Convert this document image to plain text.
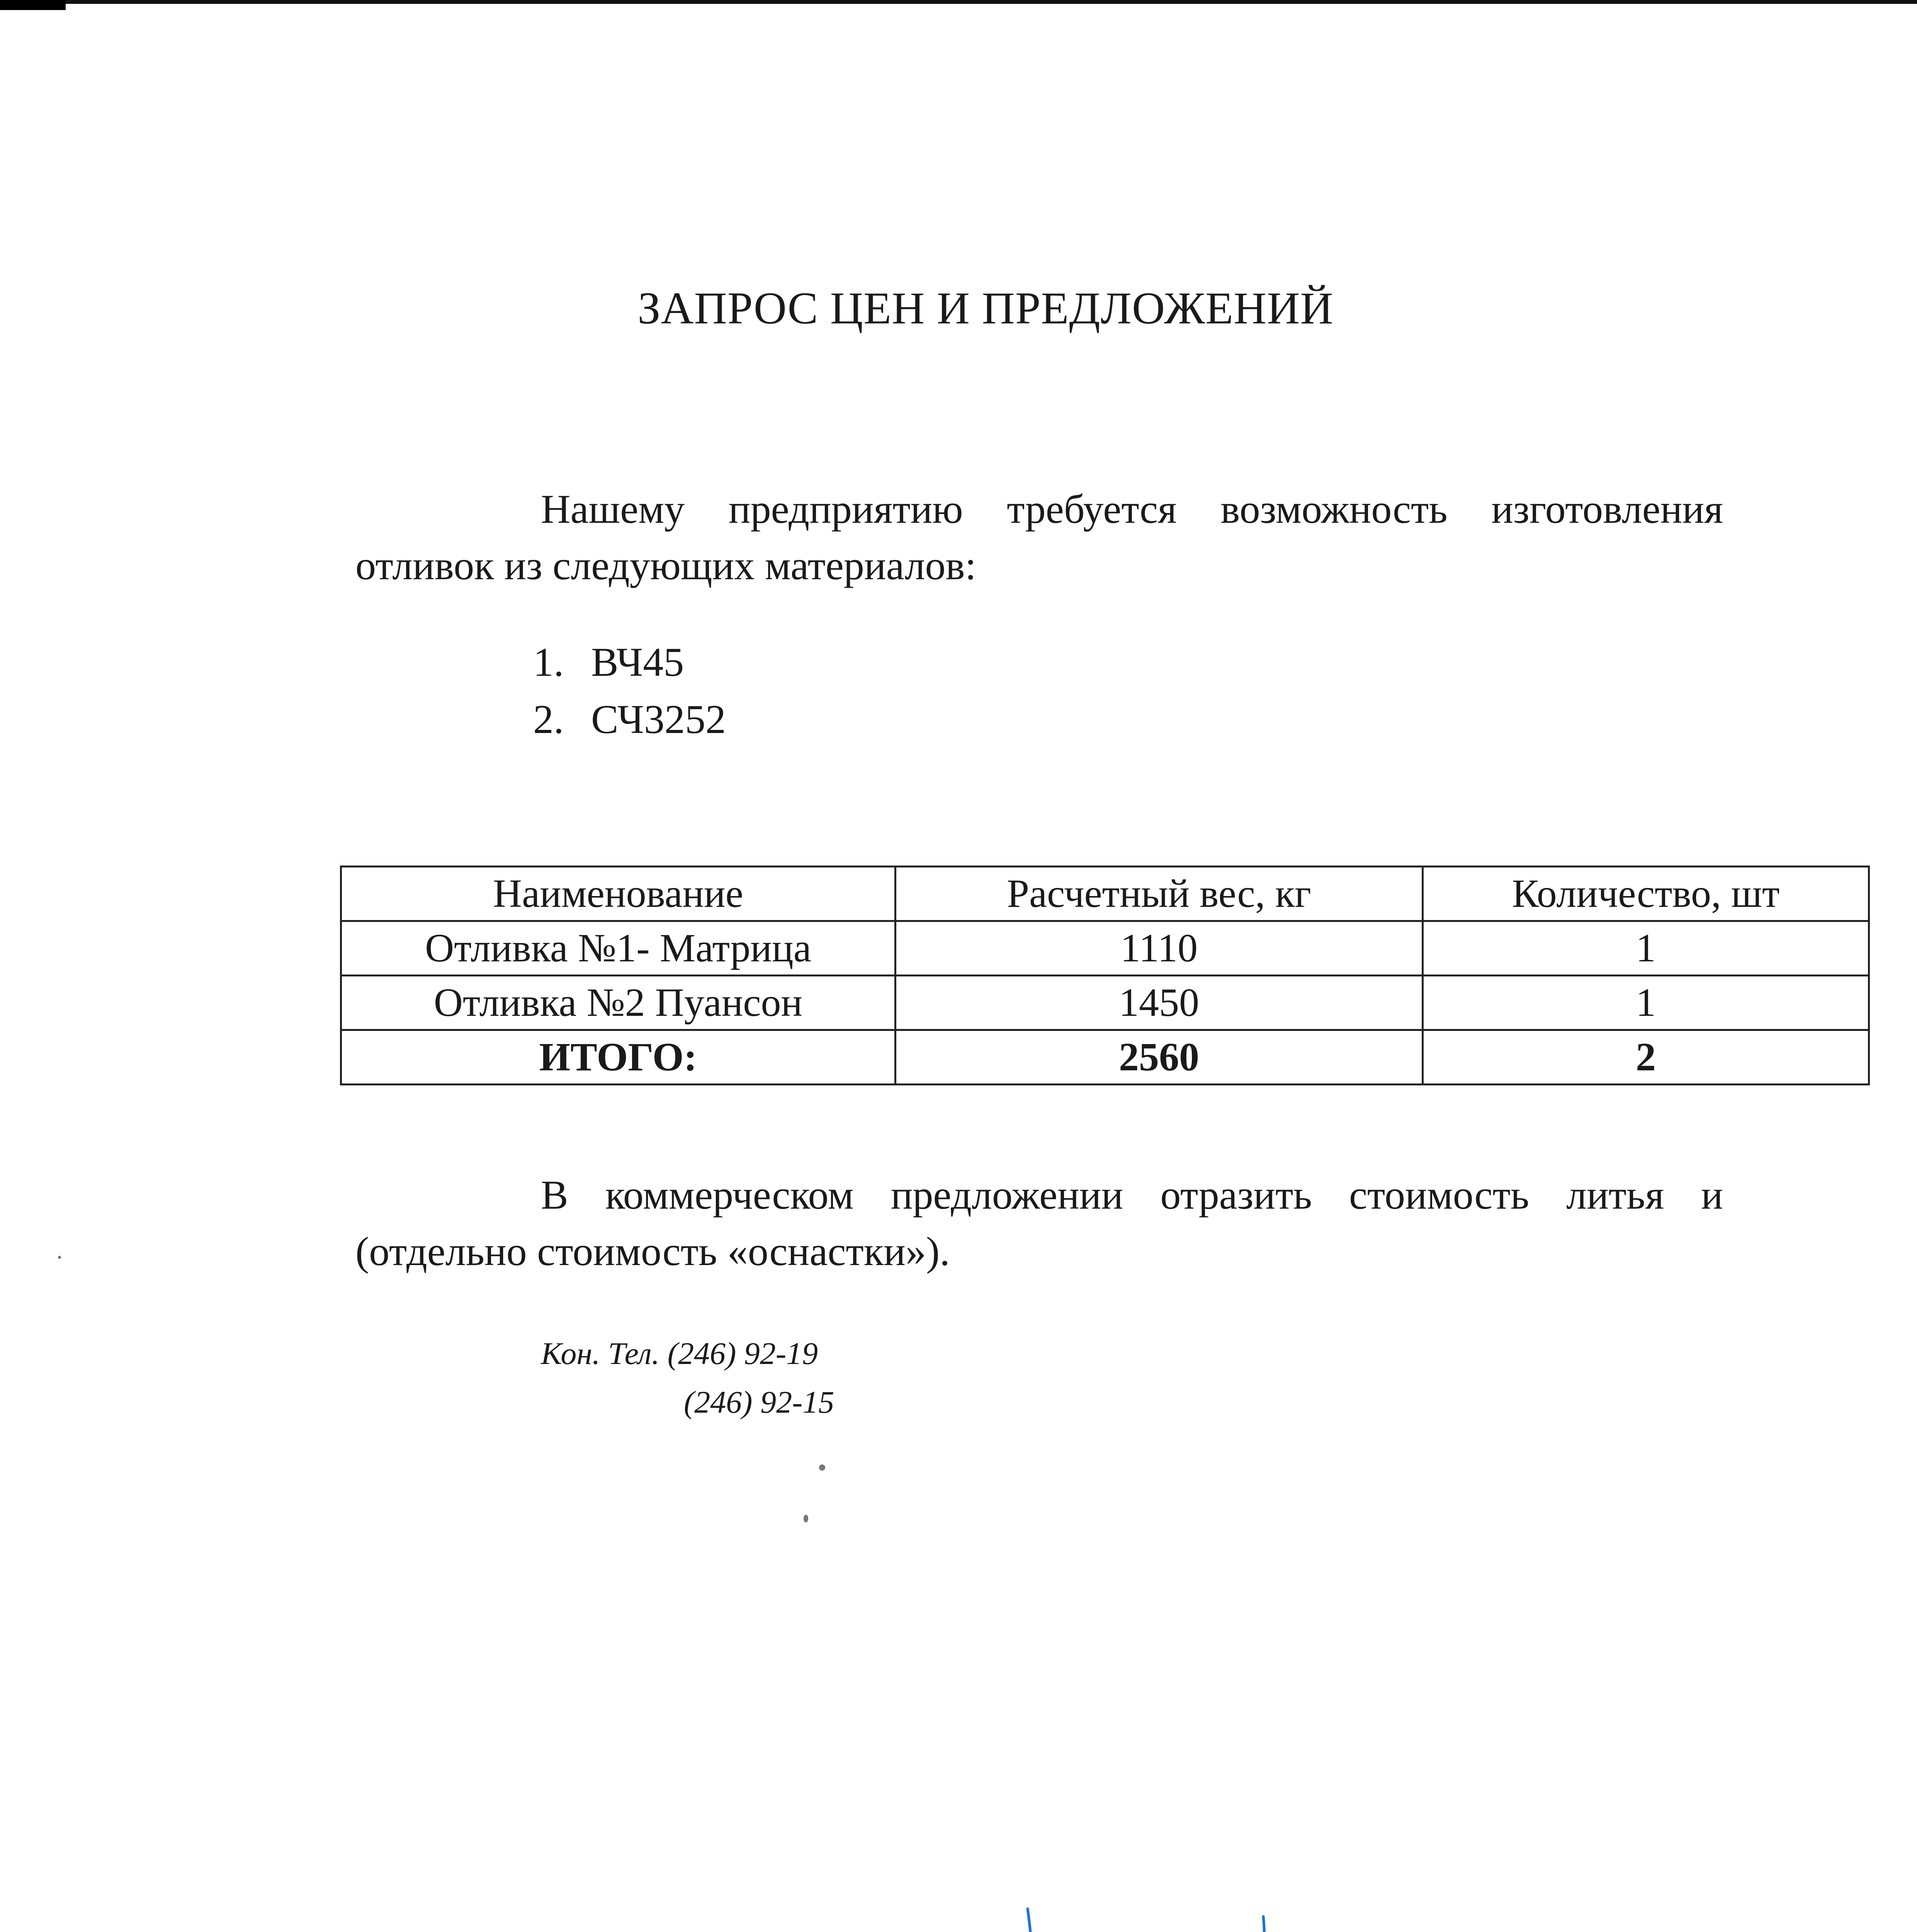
ЗАПРОС ЦЕН И ПРЕДЛОЖЕНИЙ
Нашему предприятию требуется возможность изготовления отливок из следующих материалов:
1. ВЧ45
2. СЧ3252
Наименование	Расчетный вес, кг	Количество, шт
Отливка №1- Матрица	1110	1
Отливка №2 Пуансон	1450	1
ИТОГО:	2560	2
В коммерческом предложении отразить стоимость литья и (отдельно стоимость «оснастки»).
Кон. Тел. (246) 92-19
(246) 92-15
